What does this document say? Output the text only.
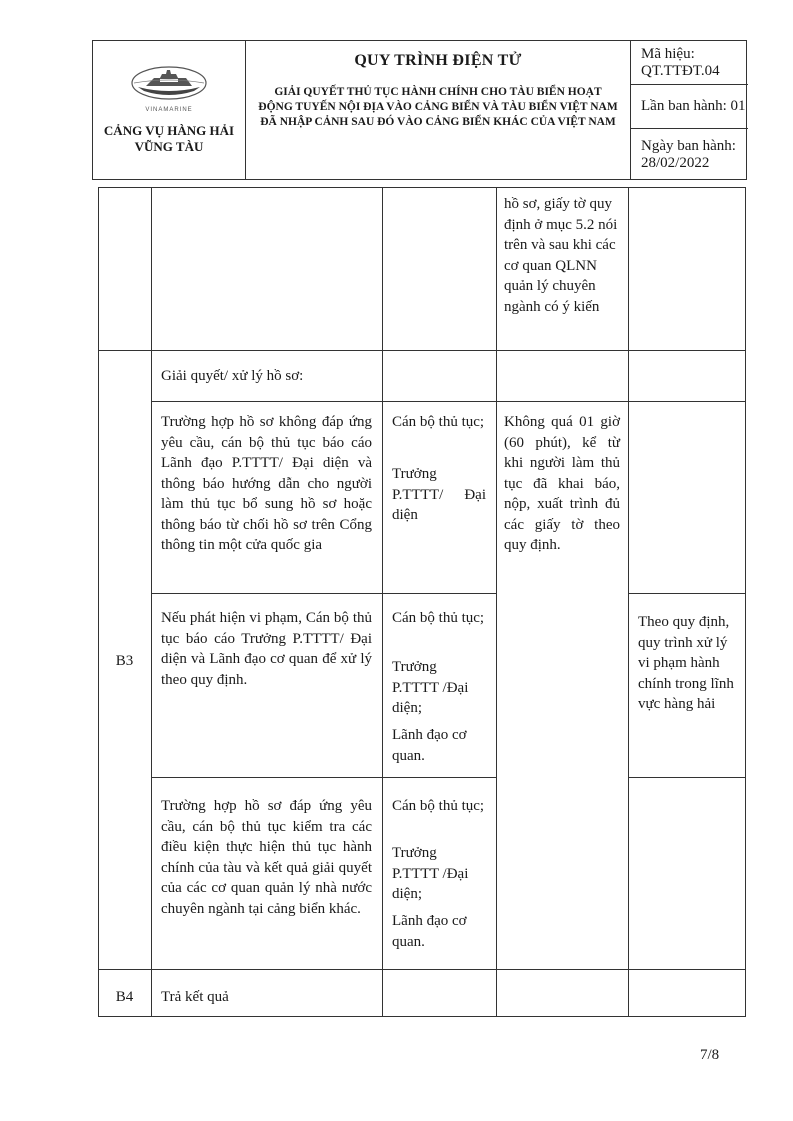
VINAMARINE
CẢNG VỤ HÀNG HẢI
VŨNG TÀU
QUY TRÌNH ĐIỆN TỬ
GIẢI QUYẾT THỦ TỤC HÀNH CHÍNH CHO TÀU BIỂN HOẠT ĐỘNG TUYẾN NỘI ĐỊA VÀO CẢNG BIỂN VÀ TÀU BIỂN VIỆT NAM ĐÃ NHẬP CẢNH SAU ĐÓ VÀO CẢNG BIỂN KHÁC CỦA VIỆT NAM
Mã hiệu: QT.TTĐT.04
Lần ban hành: 01
Ngày ban hành: 28/02/2022
hồ sơ, giấy tờ quy định ở mục 5.2 nói trên và sau khi các cơ quan QLNN quản lý chuyên ngành có ý kiến
B3
Giải quyết/ xử lý hồ sơ:
Trường hợp hồ sơ không đáp ứng yêu cầu, cán bộ thủ tục báo cáo Lãnh đạo P.TTTT/ Đại diện và thông báo hướng dẫn cho người làm thủ tục bổ sung hồ sơ hoặc thông báo từ chối hồ sơ trên Cổng thông tin một cửa quốc gia
Cán bộ thủ tục;
Trưởng P.TTTT/ Đại diện
Không quá 01 giờ (60 phút), kể từ khi người làm thủ tục đã khai báo, nộp, xuất trình đủ các giấy tờ theo quy định.
Nếu phát hiện vi phạm, Cán bộ thủ tục báo cáo Trưởng P.TTTT/ Đại diện và Lãnh đạo cơ quan để xử lý theo quy định.
Cán bộ thủ tục;
Trưởng P.TTTT /Đại diện;
Lãnh đạo cơ quan.
Theo quy định, quy trình xử lý vi phạm hành chính trong lĩnh vực hàng hải
Trường hợp hồ sơ đáp ứng yêu cầu, cán bộ thủ tục kiểm tra các điều kiện thực hiện thủ tục hành chính của tàu và kết quả giải quyết của các cơ quan quản lý nhà nước chuyên ngành tại cảng biển khác.
Cán bộ thủ tục;
Trưởng P.TTTT /Đại diện;
Lãnh đạo cơ quan.
B4	Trả kết quả
7/8
